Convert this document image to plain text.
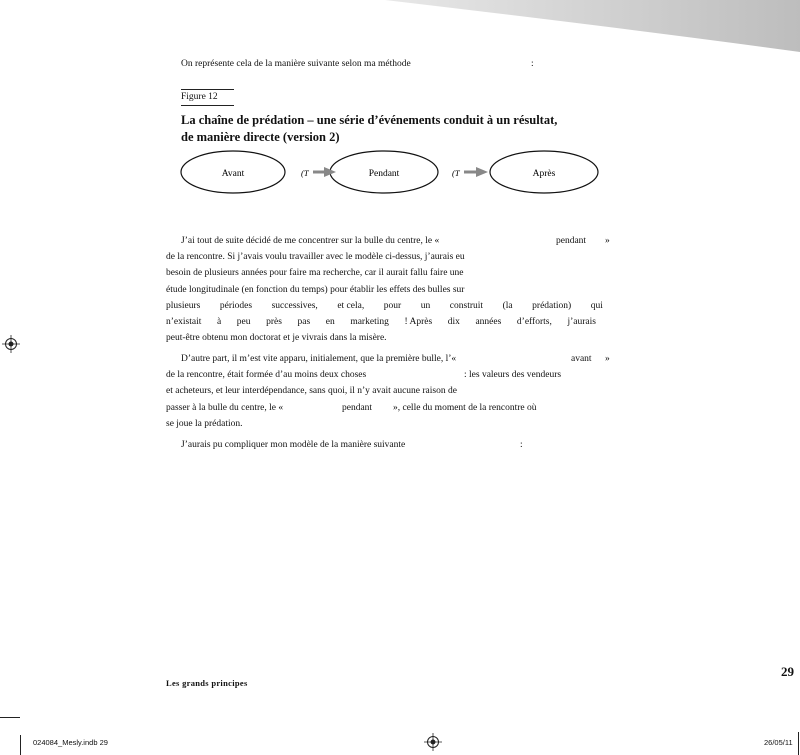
On représente cela de la manière suivante selon ma méthode	:
Figure 12
La chaîne de prédation – une série d’événements conduit à un résultat,
de manière directe (version 2)
Avant	Pendant	Après
(T	(T
J’ai tout de suite décidé de me concentrer sur la bulle du centre, le «	pendant »
de la rencontre. Si j’avais voulu travailler avec le modèle ci-dessus, j’aurais eu
besoin de plusieurs années pour faire ma recherche, car il aurait fallu faire une
étude longitudinale (en fonction du temps) pour établir les effets des bulles sur
plusieurs périodes successives, et cela, pour un construit (la prédation) qui
n’existait à peu près pas en marketing ! Après dix années d’efforts, j’aurais
peut-être obtenu mon doctorat et je vivrais dans la misère.
D’autre part, il m’est vite apparu, initialement, que la première bulle, l’«	avant »
de la rencontre, était formée d’au moins deux choses	: les valeurs des vendeurs
et acheteurs, et leur interdépendance, sans quoi, il n’y avait aucune raison de
passer à la bulle du centre, le «	pendant », celle du moment de la rencontre où
se joue la prédation.
J’aurais pu compliquer mon modèle de la manière suivante	:
29
Les grands principes
024084_Mesly.indb 29	26/05/11
